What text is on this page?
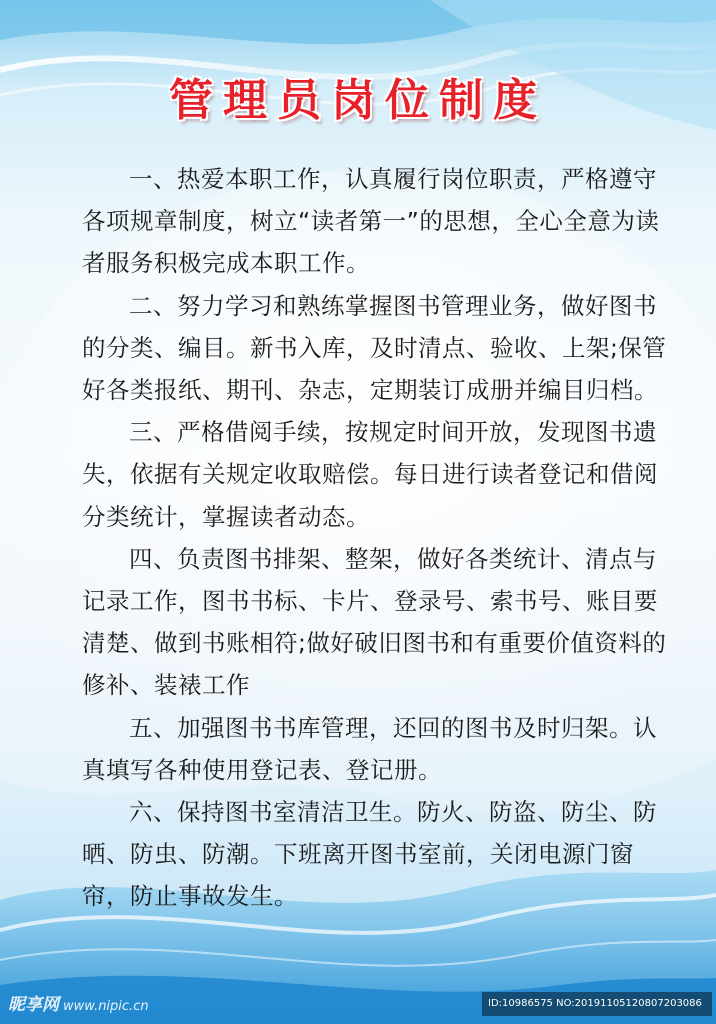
管理员岗位制度

一、热爱本职工作，认真履行岗位职责，严格遵守各项规章制度，树立“读者第一”的思想，全心全意为读者服务积极完成本职工作。

二、努力学习和熟练掌握图书管理业务，做好图书的分类、编目。新书入库，及时清点、验收、上架;保管好各类报纸、期刊、杂志，定期装订成册并编目归档。

三、严格借阅手续，按规定时间开放，发现图书遗失，依据有关规定收取赔偿。每日进行读者登记和借阅分类统计，掌握读者动态。

四、负责图书排架、整架，做好各类统计、清点与记录工作，图书书标、卡片、登录号、索书号、账目要清楚、做到书账相符;做好破旧图书和有重要价值资料的修补、装裱工作

五、加强图书书库管理，还回的图书及时归架。认真填写各种使用登记表、登记册。

六、保持图书室清洁卫生。防火、防盗、防尘、防晒、防虫、防潮。下班离开图书室前，关闭电源门窗帘，防止事故发生。

昵享网 www.nipic.cn	ID:10986575 NO:20191105120807203086
